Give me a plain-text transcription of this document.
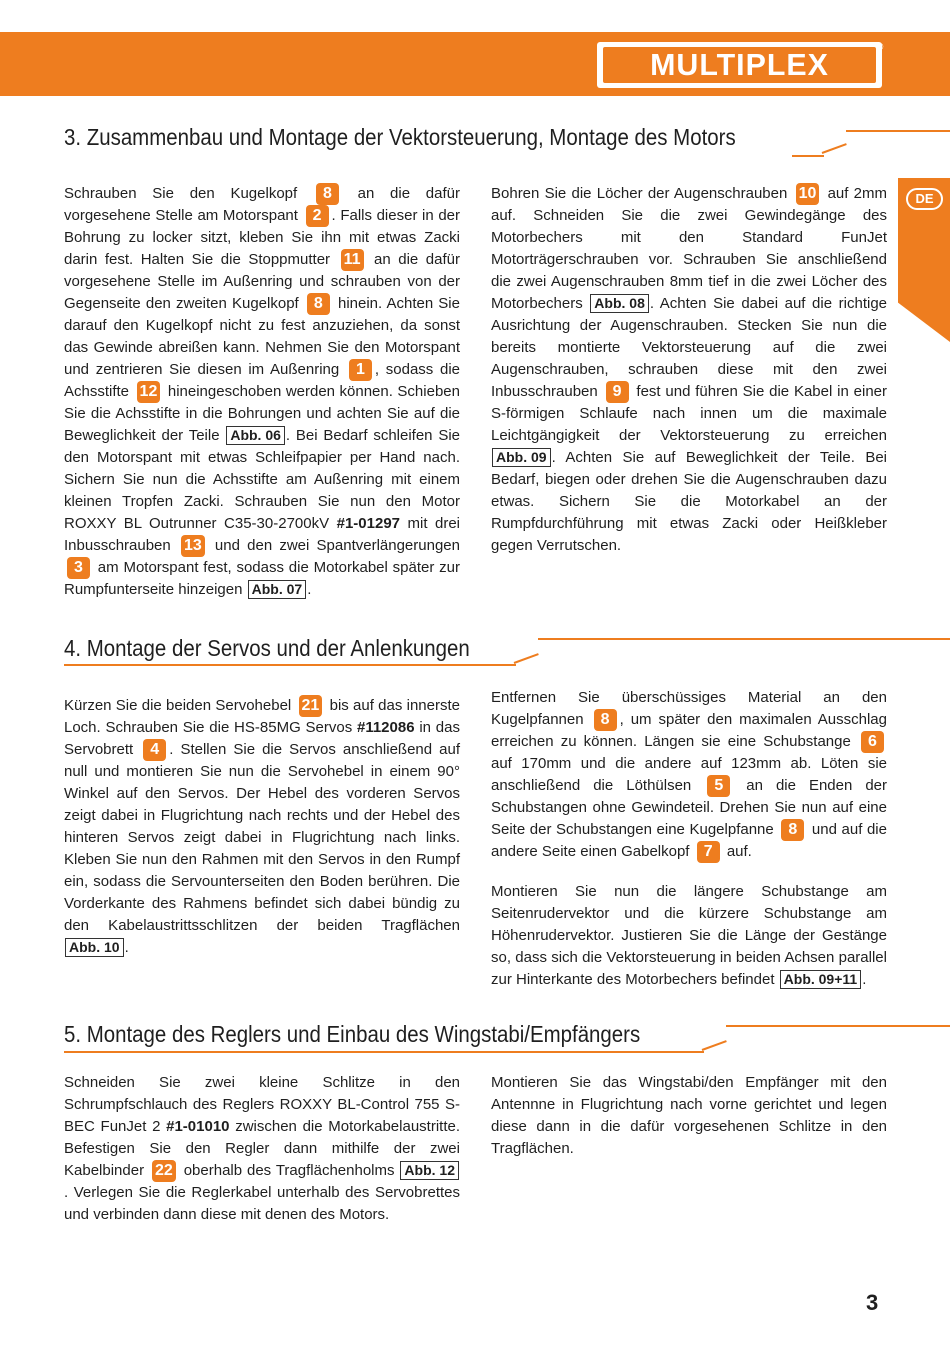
MULTIPLEX	®
DE
3. Zusammenbau und Montage der Vektorsteuerung, Montage des Motors

Schrauben Sie den Kugelkopf 8 an die dafür vorgesehene Stelle am Motorspant 2 . Falls dieser in der Bohrung zu locker sitzt, kleben Sie ihn mit etwas Zacki darin fest. Halten Sie die Stoppmutter 11 an die dafür vorgesehene Stelle im Außenring und schrauben von der Gegenseite den zweiten Kugelkopf 8 hinein. Achten Sie darauf den Kugelkopf nicht zu fest anzuziehen, da sonst das Gewinde abreißen kann. Nehmen Sie den Motorspant und zentrieren Sie diesen im Außenring 1 , sodass die Achsstifte 12 hineingeschoben werden können. Schieben Sie die Achsstifte in die Bohrungen und achten Sie auf die Beweglichkeit der Teile Abb. 06 . Bei Bedarf schleifen Sie den Motorspant mit etwas Schleifpapier per Hand nach. Sichern Sie nun die Achsstifte am Außenring mit einem kleinen Tropfen Zacki. Schrauben Sie nun den Motor ROXXY BL Outrunner C35-30-2700kV #1-01297 mit drei Inbusschrauben 13 und den zwei Spantverlängerungen 3 am Motorspant fest, sodass die Motorkabel später zur Rumpfunterseite hinzeigen Abb. 07 .

Bohren Sie die Löcher der Augenschrauben 10 auf 2mm auf. Schneiden Sie die zwei Gewindegänge des Motorbechers mit den Standard FunJet Motorträgerschrauben vor. Schrauben Sie anschließend die zwei Augenschrauben 8mm tief in die zwei Löcher des Motorbechers Abb. 08 . Achten Sie dabei auf die richtige Ausrichtung der Augenschrauben. Stecken Sie nun die bereits montierte Vektorsteuerung auf die zwei Augenschrauben, schrauben diese mit den zwei Inbusschrauben 9 fest und führen Sie die Kabel in einer S-förmigen Schlaufe nach innen um die maximale Leichtgängigkeit der Vektorsteuerung zu erreichen Abb. 09 . Achten Sie auf Beweglichkeit der Teile. Bei Bedarf, biegen oder drehen Sie die Augenschrauben dazu etwas. Sichern Sie die Motorkabel an der Rumpfdurchführung mit etwas Zacki oder Heißkleber gegen Verrutschen.

4. Montage der Servos und der Anlenkungen

Kürzen Sie die beiden Servohebel 21 bis auf das innerste Loch. Schrauben Sie die HS-85MG Servos #112086 in das Servobrett 4 . Stellen Sie die Servos anschließend auf null und montieren Sie nun die Servohebel in einem 90° Winkel auf den Servos. Der Hebel des vorderen Servos zeigt dabei in Flugrichtung nach rechts und der Hebel des hinteren Servos zeigt dabei in Flugrichtung nach links. Kleben Sie nun den Rahmen mit den Servos in den Rumpf ein, sodass die Servounterseiten den Boden berühren. Die Vorderkante des Rahmens befindet sich dabei bündig zu den Kabelaustrittsschlitzen der beiden Tragflächen Abb. 10 .

Entfernen Sie überschüssiges Material an den Kugelpfannen 8 , um später den maximalen Ausschlag erreichen zu können. Längen sie eine Schubstange 6 auf 170mm und die andere auf 123mm ab. Löten sie anschließend die Löthülsen 5 an die Enden der Schubstangen ohne Gewindeteil. Drehen Sie nun auf eine Seite der Schubstangen eine Kugelpfanne 8 und auf die andere Seite einen Gabelkopf 7 auf.

Montieren Sie nun die längere Schubstange am Seitenrudervektor und die kürzere Schubstange am Höhenrudervektor. Justieren Sie die Länge der Gestänge so, dass sich die Vektorsteuerung in beiden Achsen parallel zur Hinterkante des Motorbechers befindet Abb. 09+11 .

5. Montage des Reglers und Einbau des Wingstabi/Empfängers

Schneiden Sie zwei kleine Schlitze in den Schrumpfschlauch des Reglers ROXXY BL-Control 755 S-BEC FunJet 2 #1-01010 zwischen die Motorkabelaustritte. Befestigen Sie den Regler dann mithilfe der zwei Kabelbinder 22 oberhalb des Tragflächenholms Abb. 12. Verlegen Sie die Reglerkabel unterhalb des Servobrettes und verbinden dann diese mit denen des Motors.

Montieren Sie das Wingstabi/den Empfänger mit den Antennne in Flugrichtung nach vorne gerichtet und legen diese dann in die dafür vorgesehenen Schlitze in den Tragflächen.

3
